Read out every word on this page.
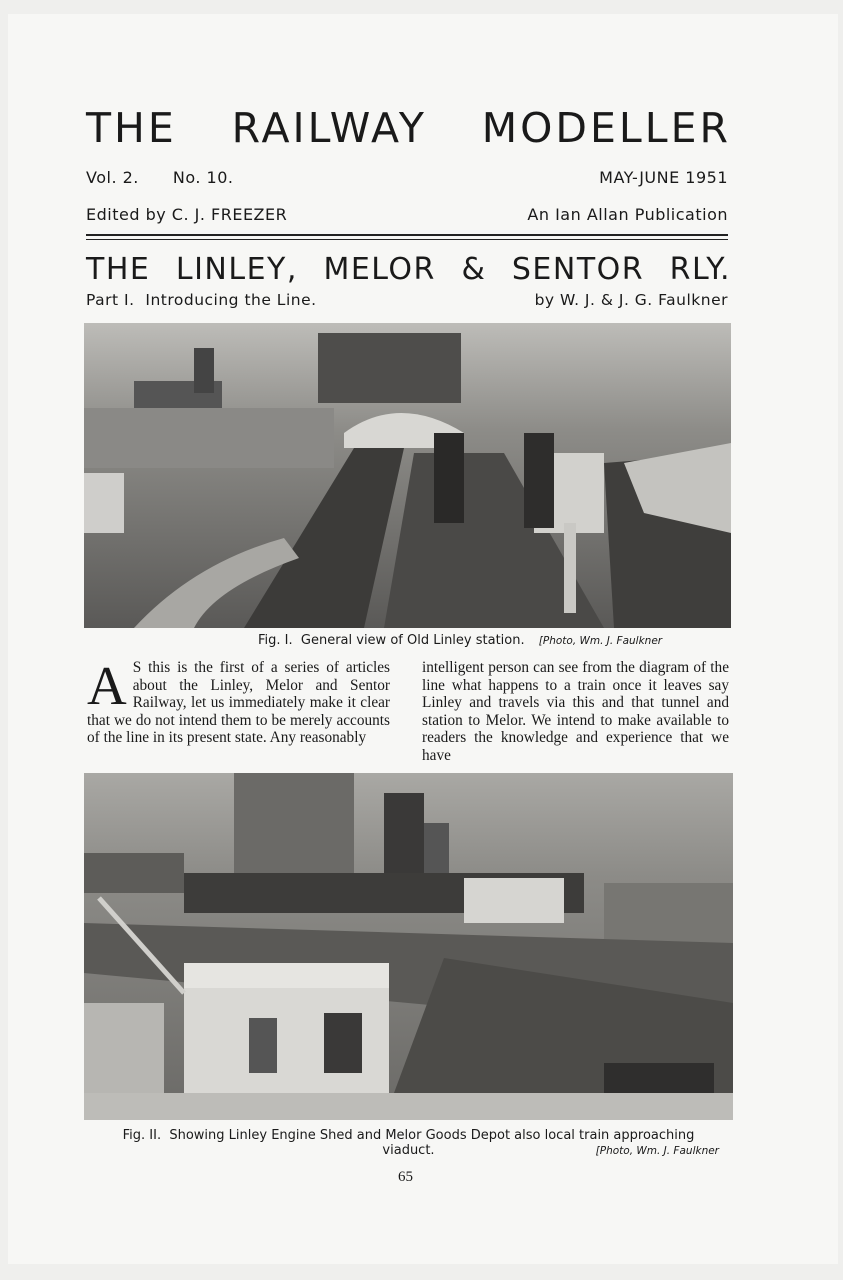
THE RAILWAY MODELLER
Vol. 2. No. 10.	MAY-JUNE 1951
Edited by C. J. FREEZER	An Ian Allan Publication
THE LINLEY, MELOR & SENTOR RLY.
Part I.  Introducing the Line.	by W. J. & J. G. Faulkner
Fig. I.  General view of Old Linley station. [Photo, Wm. J. Faulkner
A S this is the first of a series of articles about the Linley, Melor and Sentor Railway, let us immediately make it clear that we do not intend them to be merely accounts of the line in its present state. Any reasonably
intelligent person can see from the diagram of the line what happens to a train once it leaves say Linley and travels via this and that tunnel and station to Melor. We intend to make available to readers the knowledge and experience that we have
Fig. II.  Showing Linley Engine Shed and Melor Goods Depot also local train approaching
viaduct.	[Photo, Wm. J. Faulkner
65
